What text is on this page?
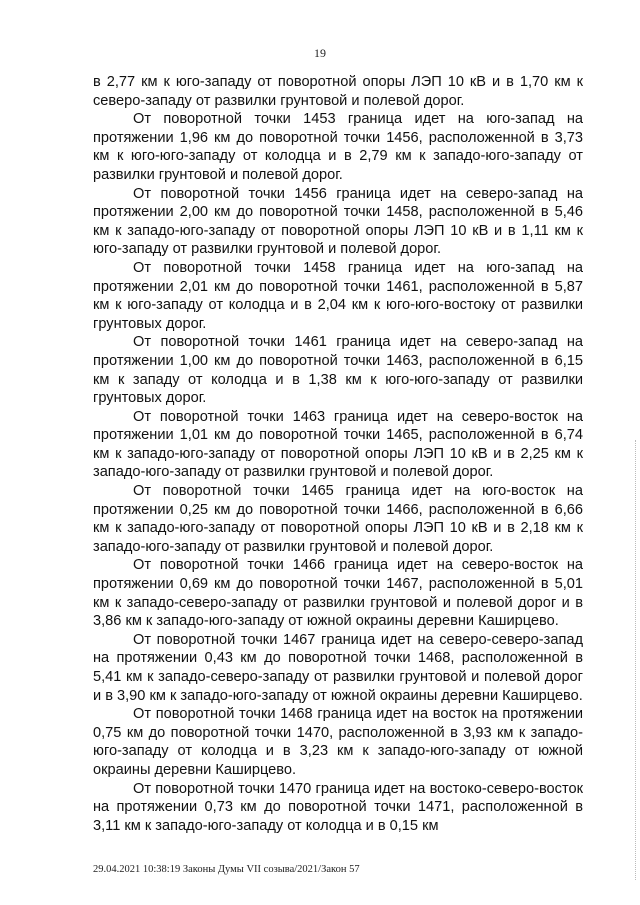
19

в 2,77 км к юго-западу от поворотной опоры ЛЭП 10 кВ и в 1,70 км к северо-западу от развилки грунтовой и полевой дорог.

От поворотной точки 1453 граница идет на юго-запад на протяжении 1,96 км до поворотной точки 1456, расположенной в 3,73 км к юго-юго-западу от колодца и в 2,79 км к западо-юго-западу от развилки грунтовой и полевой дорог.

От поворотной точки 1456 граница идет на северо-запад на протяжении 2,00 км до поворотной точки 1458, расположенной в 5,46 км к западо-юго-западу от поворотной опоры ЛЭП 10 кВ и в 1,11 км к юго-западу от развилки грунтовой и полевой дорог.

От поворотной точки 1458 граница идет на юго-запад на протяжении 2,01 км до поворотной точки 1461, расположенной в 5,87 км к юго-западу от колодца и в 2,04 км к юго-юго-востоку от развилки грунтовых дорог.

От поворотной точки 1461 граница идет на северо-запад на протяжении 1,00 км до поворотной точки 1463, расположенной в 6,15 км к западу от колодца и в 1,38 км к юго-юго-западу от развилки грунтовых дорог.

От поворотной точки 1463 граница идет на северо-восток на протяжении 1,01 км до поворотной точки 1465, расположенной в 6,74 км к западо-юго-западу от поворотной опоры ЛЭП 10 кВ и в 2,25 км к западо-юго-западу от развилки грунтовой и полевой дорог.

От поворотной точки 1465 граница идет на юго-восток на протяжении 0,25 км до поворотной точки 1466, расположенной в 6,66 км к западо-юго-западу от поворотной опоры ЛЭП 10 кВ и в 2,18 км к западо-юго-западу от развилки грунтовой и полевой дорог.

От поворотной точки 1466 граница идет на северо-восток на протяжении 0,69 км до поворотной точки 1467, расположенной в 5,01 км к западо-северо-западу от развилки грунтовой и полевой дорог и в 3,86 км к западо-юго-западу от южной окраины деревни Каширцево.

От поворотной точки 1467 граница идет на северо-северо-запад на протяжении 0,43 км до поворотной точки 1468, расположенной в 5,41 км к западо-северо-западу от развилки грунтовой и полевой дорог и в 3,90 км к западо-юго-западу от южной окраины деревни Каширцево.

От поворотной точки 1468 граница идет на восток на протяжении 0,75 км до поворотной точки 1470, расположенной в 3,93 км к западо-юго-западу от колодца и в 3,23 км к западо-юго-западу от южной окраины деревни Каширцево.

От поворотной точки 1470 граница идет на востоко-северо-восток на протяжении 0,73 км до поворотной точки 1471, расположенной в 3,11 км к западо-юго-западу от колодца и в 0,15 км

29.04.2021 10:38:19 Законы Думы VII созыва/2021/Закон 57
